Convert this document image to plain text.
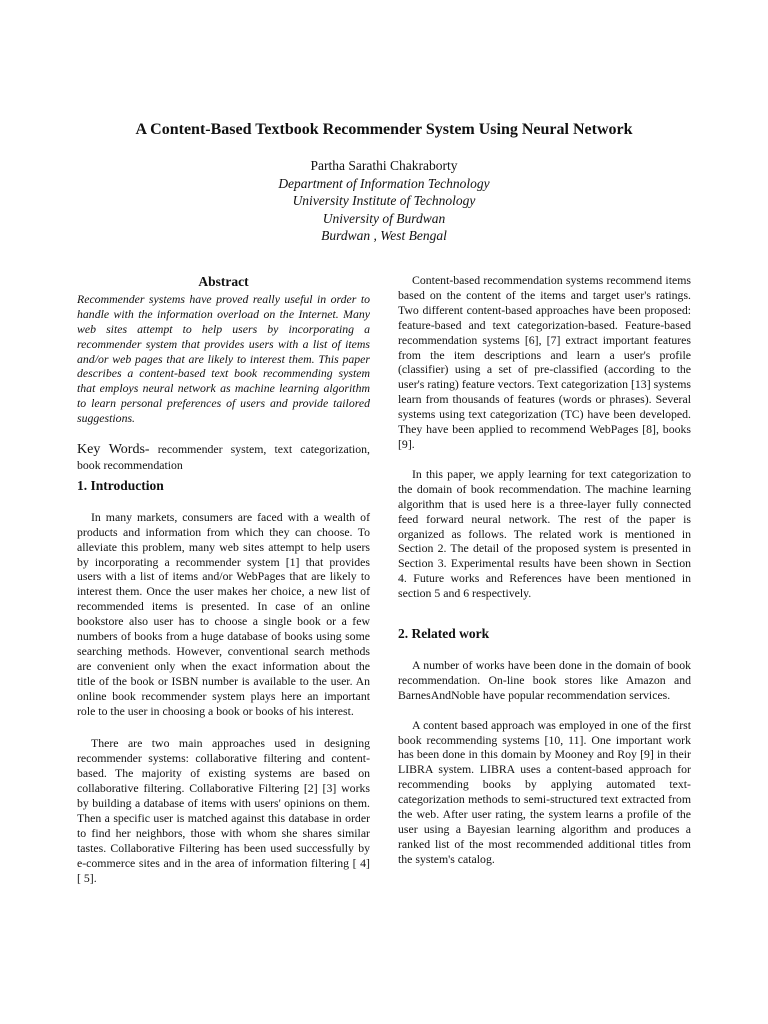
A Content-Based Textbook Recommender System Using Neural Network
Partha Sarathi Chakraborty
Department of Information Technology
University Institute of Technology
University of Burdwan
Burdwan , West Bengal
Abstract

Recommender systems have proved really useful in order to handle with the information overload on the Internet. Many web sites attempt to help users by incorporating a recommender system that provides users with a list of items and/or web pages that are likely to interest them. This paper describes a content-based text book recommending system that employs neural network as machine learning algorithm to learn personal preferences of users and provide tailored suggestions.

Key Words- recommender system, text categorization, book recommendation

1. Introduction

In many markets, consumers are faced with a wealth of products and information from which they can choose. To alleviate this problem, many web sites attempt to help users by incorporating a recommender system [1] that provides users with a list of items and/or WebPages that are likely to interest them. Once the user makes her choice, a new list of recommended items is presented. In case of an online bookstore also user has to choose a single book or a few numbers of books from a huge database of books using some searching methods. However, conventional search methods are convenient only when the exact information about the title of the book or ISBN number is available to the user. An online book recommender system plays here an important role to the user in choosing a book or books of his interest.

There are two main approaches used in designing recommender systems: collaborative filtering and content-based. The majority of existing systems are based on collaborative filtering. Collaborative Filtering [2] [3] works by building a database of items with users' opinions on them. Then a specific user is matched against this database in order to find her neighbors, those with whom she shares similar tastes. Collaborative Filtering has been used successfully by e-commerce sites and in the area of information filtering [ 4] [ 5].

Content-based recommendation systems recommend items based on the content of the items and target user's ratings. Two different content-based approaches have been proposed: feature-based and text categorization-based. Feature-based recommendation systems [6], [7] extract important features from the item descriptions and learn a user's profile (classifier) using a set of pre-classified (according to the user's rating) feature vectors. Text categorization [13] systems learn from thousands of features (words or phrases). Several systems using text categorization (TC) have been developed. They have been applied to recommend WebPages [8], books [9].

In this paper, we apply learning for text categorization to the domain of book recommendation. The machine learning algorithm that is used here is a three-layer fully connected feed forward neural network. The rest of the paper is organized as follows. The related work is mentioned in Section 2. The detail of the proposed system is presented in Section 3. Experimental results have been shown in Section 4. Future works and References have been mentioned in section 5 and 6 respectively.

2. Related work

A number of works have been done in the domain of book recommendation. On-line book stores like Amazon and BarnesAndNoble have popular recommendation services.

A content based approach was employed in one of the first book recommending systems [10, 11]. One important work has been done in this domain by Mooney and Roy [9] in their LIBRA system. LIBRA uses a content-based approach for recommending books by applying automated text-categorization methods to semi-structured text extracted from the web. After user rating, the system learns a profile of the user using a Bayesian learning algorithm and produces a ranked list of the most recommended additional titles from the system's catalog.
